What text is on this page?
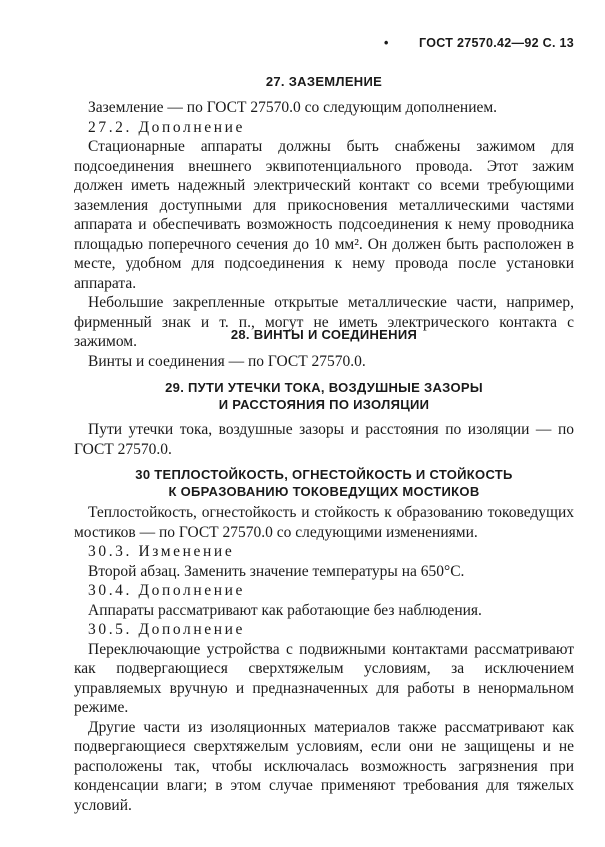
• ГОСТ 27570.42—92 С. 13
27. ЗАЗЕМЛЕНИЕ

Заземление — по ГОСТ 27570.0 со следующим дополнением.

27.2. Дополнение

Стационарные аппараты должны быть снабжены зажимом для подсоединения внешнего эквипотенциального провода. Этот зажим должен иметь надежный электрический контакт со всеми требующими заземления доступными для прикосновения металлическими частями аппарата и обеспечивать возможность подсоединения к нему проводника площадью поперечного сечения до 10 мм². Он должен быть расположен в месте, удобном для подсоединения к нему провода после установки аппарата.

Небольшие закрепленные открытые металлические части, например, фирменный знак и т. п., могут не иметь электрического контакта с зажимом.	28. ВИНТЫ И СОЕДИНЕНИЯ

Винты и соединения — по ГОСТ 27570.0.

29. ПУТИ УТЕЧКИ ТОКА, ВОЗДУШНЫЕ ЗАЗОРЫ
И РАССТОЯНИЯ ПО ИЗОЛЯЦИИ

Пути утечки тока, воздушные зазоры и расстояния по изоляции — по ГОСТ 27570.0.

30 ТЕПЛОСТОЙКОСТЬ, ОГНЕСТОЙКОСТЬ И СТОЙКОСТЬ
К ОБРАЗОВАНИЮ ТОКОВЕДУЩИХ МОСТИКОВ

Теплостойкость, огнестойкость и стойкость к образованию токоведущих мостиков — по ГОСТ 27570.0 со следующими изменениями.

30.3. Изменение

Второй абзац. Заменить значение температуры на 650°С.

30.4. Дополнение

Аппараты рассматривают как работающие без наблюдения.

30.5. Дополнение

Переключающие устройства с подвижными контактами рассматривают как подвергающиеся сверхтяжелым условиям, за исключением управляемых вручную и предназначенных для работы в ненормальном режиме.

Другие части из изоляционных материалов также рассматривают как подвергающиеся сверхтяжелым условиям, если они не защищены и не расположены так, чтобы исключалась возможность загрязнения при конденсации влаги; в этом случае применяют требования для тяжелых условий.
